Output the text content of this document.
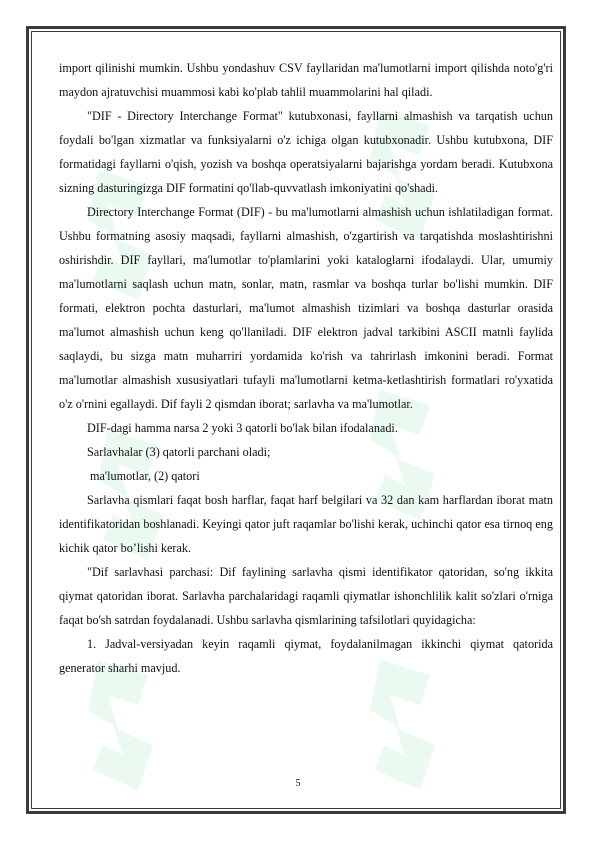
import qilinishi mumkin. Ushbu yondashuv CSV fayllaridan ma'lumotlarni import qilishda noto'g'ri maydon ajratuvchisi muammosi kabi ko'plab tahlil muammolarini hal qiladi.

"DIF - Directory Interchange Format" kutubxonasi, fayllarni almashish va tarqatish uchun foydali bo'lgan xizmatlar va funksiyalarni o'z ichiga olgan kutubxonadir. Ushbu kutubxona, DIF formatidagi fayllarni o'qish, yozish va boshqa operatsiyalarni bajarishga yordam beradi. Kutubxona sizning dasturingizga DIF formatini qo'llab-quvvatlash imkoniyatini qo'shadi.

Directory Interchange Format (DIF) - bu ma'lumotlarni almashish uchun ishlatiladigan format. Ushbu formatning asosiy maqsadi, fayllarni almashish, o'zgartirish va tarqatishda moslashtirishni oshirishdir. DIF fayllari, ma'lumotlar to'plamlarini yoki kataloglarni ifodalaydi. Ular, umumiy ma'lumotlarni saqlash uchun matn, sonlar, matn, rasmlar va boshqa turlar bo'lishi mumkin. DIF formati, elektron pochta dasturlari, ma'lumot almashish tizimlari va boshqa dasturlar orasida ma'lumot almashish uchun keng qo'llaniladi. DIF elektron jadval tarkibini ASCII matnli faylida saqlaydi, bu sizga matn muharriri yordamida ko'rish va tahrirlash imkonini beradi. Format ma'lumotlar almashish xususiyatlari tufayli ma'lumotlarni ketma-ketlashtirish formatlari ro'yxatida o'z o'rnini egallaydi. Dif fayli 2 qismdan iborat; sarlavha va ma'lumotlar.

DIF-dagi hamma narsa 2 yoki 3 qatorli bo'lak bilan ifodalanadi.

Sarlavhalar (3) qatorli parchani oladi;

ma'lumotlar, (2) qatori

Sarlavha qismlari faqat bosh harflar, faqat harf belgilari va 32 dan kam harflardan iborat matn identifikatoridan boshlanadi. Keyingi qator juft raqamlar bo'lishi kerak, uchinchi qator esa tirnoq eng kichik qator bo’lishi kerak.

"Dif sarlavhasi parchasi: Dif faylining sarlavha qismi identifikator qatoridan, so'ng ikkita qiymat qatoridan iborat. Sarlavha parchalaridagi raqamli qiymatlar ishonchlilik kalit so'zlari o'rniga faqat bo'sh satrdan foydalanadi. Ushbu sarlavha qismlarining tafsilotlari quyidagicha:

1. Jadval-versiyadan keyin raqamli qiymat, foydalanilmagan ikkinchi qiymat qatorida generator sharhi mavjud.

5
